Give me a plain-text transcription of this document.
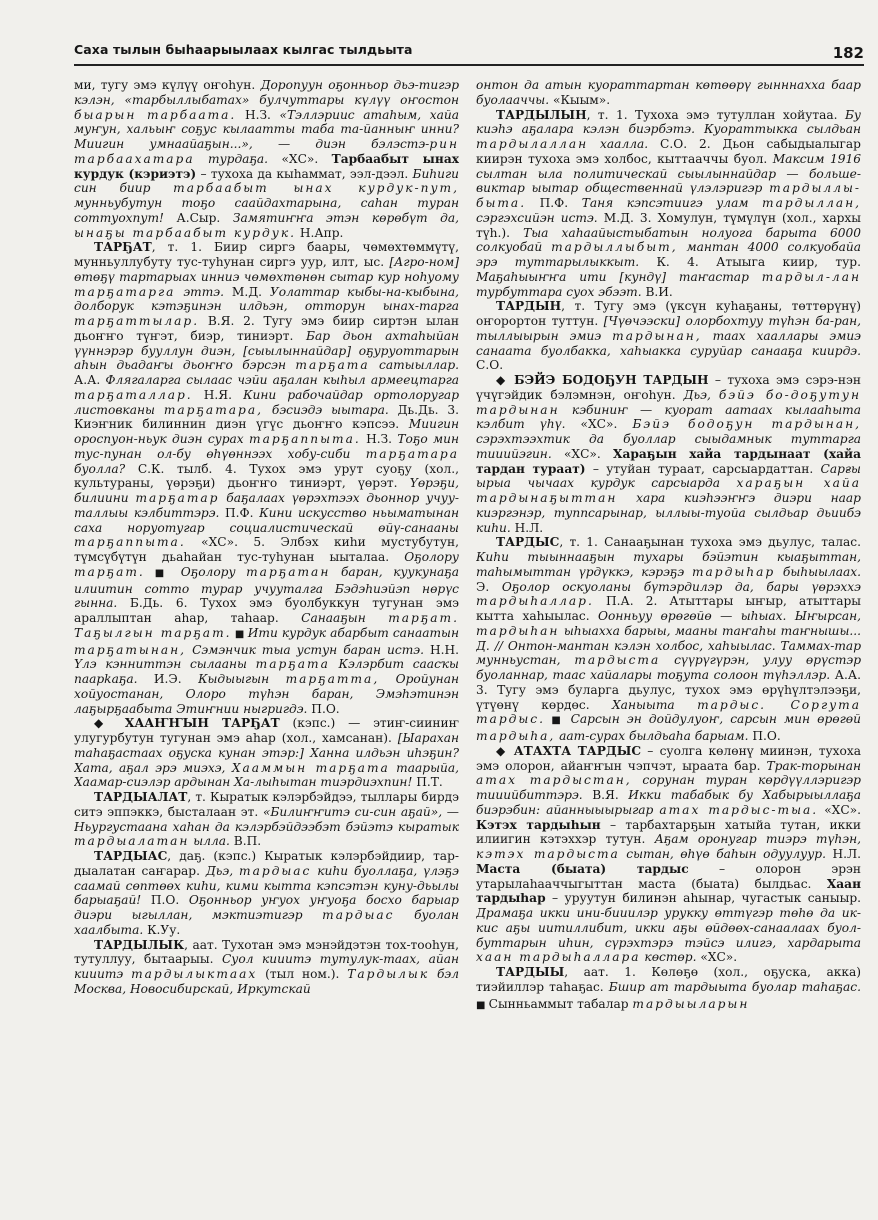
Саха тылын быһаарыылаах кылгас тылдьыта	182

ми, тугу эмэ күлүү оҥоһун. Доропуун оҕонньор дьэ-тигэр кэлэн, «тарбыллыбатах» булчуттары күлүү оҥостон быарын тарбаата. Н.З. «Тэллэриис атаһым, хайа муҥун, хальыҥ соҕус кылаатты таба та-йанныҥ инни? Миигин умнаайаҕын...», — диэн бэлэстэ-рин тарбаахатара турдаҕа. «ХС». Тарбаабыт ынах курдук (кэриэтэ) – тухоха да кыһаммат, ээл-дээл. Биһиги син биир тарбаабыт ынах курдук-пут, мунньубутун тоҕо саайдахтарына, саһан туран соттуохпут! А.Сыр. Замятиҥҥа этэн көрөбүт да, ынаҕы тарбаабыт курдук. Н.Апр.

ТАРҔАТ, т. 1. Биир сиргэ баары, чөмөхтөммүтү, мунньуллубуту тус-туһунан сиргэ уур, илт, ыс. [Агро-ном] өтөҕү тартарыах инниэ чөмөхтөнөн сытар кур ноһуому тарҕатарга эттэ. М.Д. Уолаттар кыбы-на-кыбына, долборук кэтэҕинэн илдьэн, отторун ынах-тарга тарҕаттылар. В.Я. 2. Тугу эмэ биир сиртэн ылан дьоҥҥо түҥэт, биэр, тиниэрт. Бар дьон ахтаһыйан үүннэрэр бууллун диэн, [сыылыннайдар] оҕуруоттарын аһын дьадаҥы дьоҥҥо бэрсэн тарҕата сатыыллар. А.А. Флягаларга сылаас чэйи аҕалан кыһыл армеецтарга тарҕаталлар. Н.Я. Кини рабочайдар ортолоругар листовканы тарҕатара, бэсиэдэ ыытара. Дь.Дь. 3. Киэҥник билиннин диэн үгүс дьоҥҥо кэпсээ. Миигин ороспуон-ньук диэн сурах тарҕаппыта. Н.З. Тоҕо мин тус-пунан ол-бу өһүөннээх хобу-сиби тарҕатара буолла? С.К. тылб. 4. Тухох эмэ урут суоҕу (хол., культураны, үөрэҕи) дьоҥҥо тиниэрт, үөрэт. Үөрэҕи, билиини тарҕатар баҕалаах үөрэхтээх дьоннор учуу-таллыы кэлбиттэрэ. П.Ф. Кини искусство ньыматынан саха норуотугар социалистическай өйү-санааны тарҕаппыта. «ХС». 5. Элбэх киһи мустубутун, түмсүбүтүн дьаһайан тус-туһунан ыыталаа. Оҕолору тарҕат. ■ Оҕолору тарҕатан баран, куукунаҕа илиитин сотто турар учууталга Бэдэһиэйэп нөрүс гынна. Б.Дь. 6. Тухох эмэ буолбуккун тугунан эмэ араллыптан аһар, таһаар. Санааҕын тарҕат. Таҕылгын тарҕат. ■ Ити курдук абарбыт санаатын тарҕатынан, Сэмэнчик тыа устун баран истэ. Н.Н. Үлэ кэнниттэн сылааны тарҕата Кэлэрбит саасҡы паарkаҕа. И.Э. Кыдыыгын тарҕатта, Оройунан хойуостанан, Олоро түһэн баран, Эмэһэтинэн лаҕырҕаабыта Этиҥнии ныгригдэ. П.О.

◆ ХААҤҤЫН ТАРҔАТ (кэпс.) — этиҥ-сииниҥ улугурбутун тугунан эмэ аһар (хол., хамсанан). [Ыарахан таһаҕастаах оҕуска кунан этэр:] Ханна илдьэн иһэҕин? Хата, аҕал эрэ миэхэ, Хааммын тарҕата таарыйа, Хаамар-сиэлэр ардынан Ха-лыһытан тиэрдиэхпин! П.Т.

ТАРДЫАЛАТ, т. Кыратык кэлэрбэйдээ, тыллары бирдэ ситэ эппэккэ, бысталаан эт. «Билиҥҥитэ си-син аҕай», — Ньургустаана хаһан да кэлэрбэйдээбэт бэйэтэ кыратык тардыалатан ылла. В.П.

ТАРДЫАС, даҕ. (кэпс.) Кыратык кэлэрбэйдиир, тар-дыалатан саҥарар. Дьэ, тардыас киһи буоллаҕа, үлэҕэ саамай сөптөөх киһи, кими кытта кэпсэтэн куну-дьылы барыаҕай! П.О. Оҕонньор уҥуох уҥуоҕа босхо барыар диэри ыгыллан, мэктиэтигэр тардыас буолан хаалбыта. К.Уу.

ТАРДЫЛЫК, аат. Тухотан эмэ мэнэйдэтэн тох-тооһун, тутуллуу, бытаарыы. Суол кииитэ тутулук-таах, айан кииитэ тардылыктаах (тыл ном.). Тардылык бэл Москва, Новосибирскай, Иркутскай

онтон да атын куораттартан көтөөрү гынннахха баар буолааччы. «Кыым».

ТАРДЫЛЫН, т. 1. Тухоха эмэ тутуллан хойутаа. Бу киэһэ аҕалара кэлэн биэрбэтэ. Куораттыкка сылдьан тардылаллан хаалла. С.О. 2. Дьон сабыдыалыгар киирэн тухоха эмэ холбос, кыттааччы буол. Максим 1916 сылтан ыла политическай сыылыннайдар — больше-виктар ыытар общественнай үлэлэригэр тардыллы-быта. П.Ф. Таня кэпсэтиигэ улам тардыллан, сэргэхсийэн истэ. М.Д. 3. Хомулун, түмүлүн (хол., хархы түһ.). Тыа хаһаайыстыбатын нолуога барыта 6000 солкуобай тардыллыбыт, мантан 4000 солкуобайа эрэ туттарылыккыт. К. 4. Атыыга киир, тур. Маҕаһыыҥҥа ити [кундү] таҥастар тардыл-лан турбуттара суох эбээт. В.И.

ТАРДЫН, т. Тугу эмэ (үксүн куһаҕаны, төттөрүнү) оҥорортон туттун. [Чүөчээски] олорбохтуу түһэн ба-ран, тыллыырын эмиэ тардынан, таах хааллары эмиэ санаата буолбакка, хаһыакка суруйар санааҕа киирдэ. С.О.

◆ БЭЙЭ БОДОҔУН ТАРДЫН – тухоха эмэ сэрэ-нэн үчүгэйдик бэлэмнэн, оҥоһун. Дьэ, бэйэ бо-доҕутун тардынан кэбиниҥ — куорат аатаах кылааһыта кэлбит үһү. «ХС». Бэйэ бодоҕун тардынан, сэрэхтээхтик да буоллар сыыдамнык туттарга тииийэгин. «ХС». Хараҕын хайа тардынаат (хайа тардан тураат) – утуйан тураат, сарсыардаттан. Сарғы ырыа чычаах курдук сарсыарда хараҕын хайа тардынаҕыттан хара киэһээҥҥэ диэри наар киэргэнэр, туппсарынар, ыллыы-туойа сылдьар дьиибэ киһи. Н.Л.

ТАРДЫС, т. 1. Санааҕынан тухоха эмэ дьулус, талас. Киһи тыыннааҕын тухары бэйэтин кыаҕыттан, таһымыттан үрдүккэ, кэрэҕэ тардыһар быһыылаах. Э. Оҕолор оскуоланы бүтэрдилэр да, бары үөрэххэ тардыһаллар. П.А. 2. Атыттары ыҥыр, атыттары кытта хаһыылас. Оонньуу өрөгөйө — ыһыах. Ыҥырсан, тардыһан ыһыахха барыы, мааны таҥаһы таҥнышы... Д. // Онтон-мантан кэлэн холбос, хаһыылас. Таммах-тар мунньустан, тардыста сүүрүгүрэн, улуу өрүстэр буоланнар, таас хайалары тоҕута солоон түһэллэр. А.А. 3. Тугу эмэ буларга дьулус, тухох эмэ өрүһүлтэлээҕи, үтүөнү көрдөс. Ханыыта тардыс. Соргута тардыс. ■ Сарсын эн дойдулуоҥ, сарсын мин өрөгөй тардыһа, аат-сурах былдьаһа барыам. П.О.

◆ АТАХТА ТАРДЫС – суолга көлөнү миинэн, тухоха эмэ олорон, айаҥҥын чэпчэт, ырaата бар. Трак-торынан атах тардыстан, сорунан туран көрдүүллэригэр тииийбиттэрэ. В.Я. Икки табабык бу Хабырыыллаҕа биэрэбин: айанныыырыгар атах тардыс-тыа. «ХС». Кэтэх тардыһын – тарбахтарҕын хатыйа тутан, икки илиигин кэтэххэр тутун. Аҕам оронугар тиэрэ түһэн, кэтэх тардыста сытан, өһүө баһын одуулуур. Н.Л. Маста (быата) тардыс – олорон эрэн утарылаһааччыгыттан маста (быата) былдьас. Хаан тардыһар – уруутун билинэн аһынар, чугастык саныыр. Драмаҕа икки ини-бииилэр урукку өттүгэр төһө да ик-кис аҕы иитиллибит, икки аҕы өйдөөх-санаалаах буол-буттарын иһин, сүрэхтэрэ тэйсэ илигэ, хардарыта хаан тардыһаллара көстөр. «ХС».

ТАРДЫЫ, аат. 1. Көлөҕө (хол., оҕуска, акка) тиэйиллэр таһаҕас. Бшир ат тардыыта буолар таһаҕас. ■ Сынньаммыт табалар тардыыларын
